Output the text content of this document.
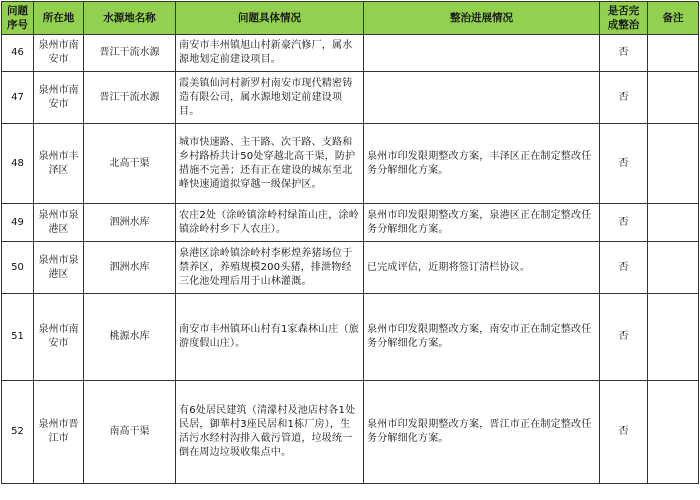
问题序号	所在地	水源地名称	问题具体情况	整治进展情况	是否完成整治	备注
46	泉州市南安市	晋江干流水源	南安市丰州镇旭山村新豪汽修厂，属水源地划定前建设项目。		否	
47	泉州市南安市	晋江干流水源	霞美镇仙河村新罗村南安市现代精密铸造有限公司，属水源地划定前建设项目。		否	
48	泉州市丰泽区	北高干渠	城市快速路、主干路、次干路、支路和乡村路桥共计50处穿越北高干渠，防护措施不完善；还有正在建设的城东至北峰快速通道拟穿越一级保护区。	泉州市印发限期整改方案，丰泽区正在制定整改任务分解细化方案。	否	
49	泉州市泉港区	泗洲水库	农庄2处（涂岭镇涂岭村绿笛山庄，涂岭镇涂岭村乡下人农庄）。	泉州市印发限期整改方案，泉港区正在制定整改任务分解细化方案。	否	
50	泉州市泉港区	泗洲水库	泉港区涂岭镇涂岭村李彬煌养猪场位于禁养区，养殖规模200头猪，排泄物经三化池处理后用于山林灌溉。	已完成评估，近期将签订清栏协议。	否	
51	泉州市南安市	桃源水库	南安市丰州镇环山村有1家森林山庄（旅游度假山庄）。	泉州市印发限期整改方案，南安市正在制定整改任务分解细化方案。	否	
52	泉州市晋江市	南高干渠	有6处居民建筑（清濛村及池店村各1处民居，御華村3座民居和1栋厂房），生活污水经村沟排入截污管道，垃圾统一倒在周边垃圾收集点中。	泉州市印发限期整改方案，晋江市正在制定整改任务分解细化方案。	否	
